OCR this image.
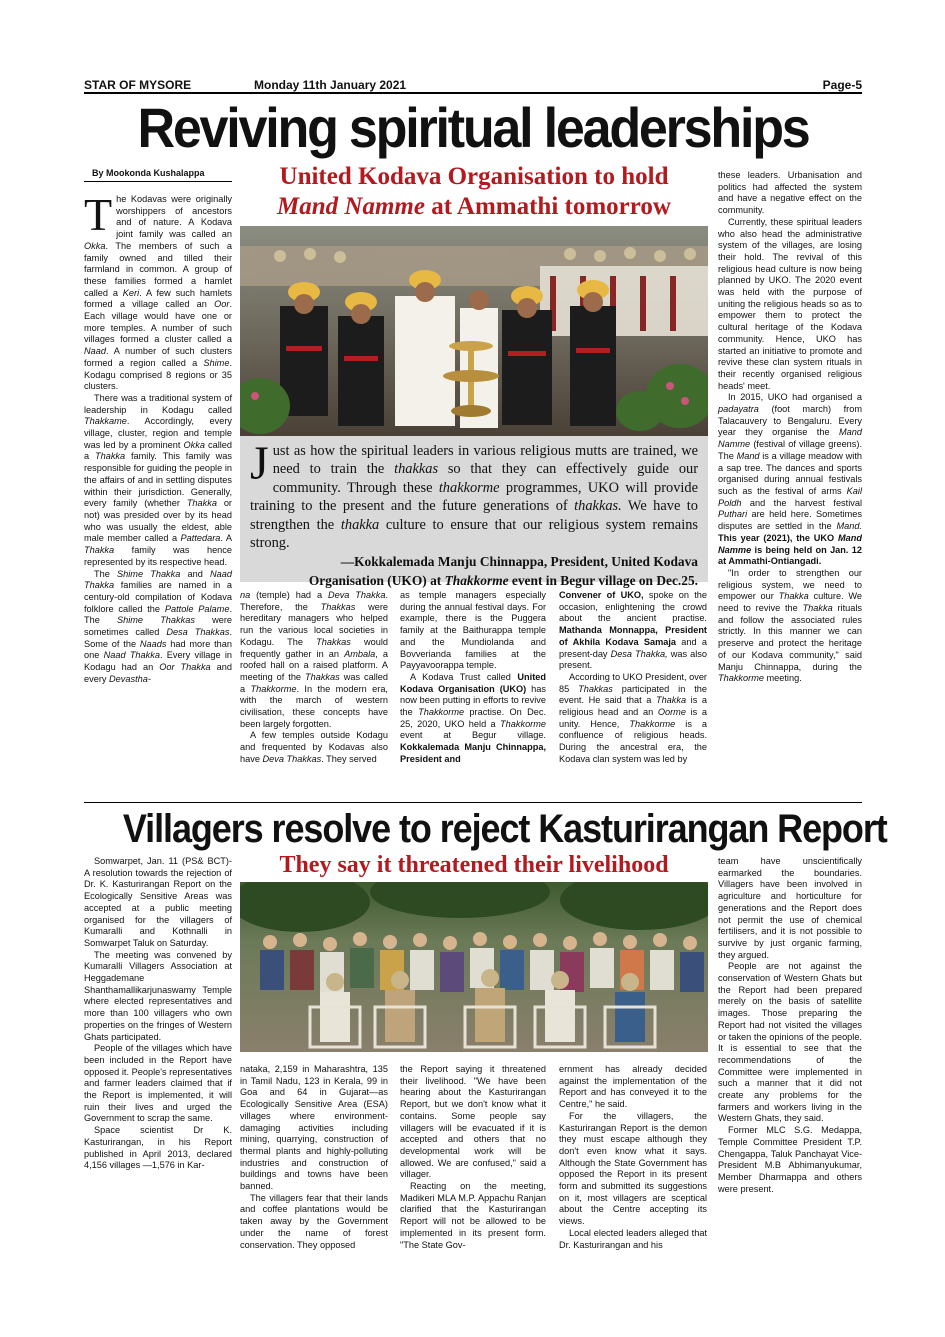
STAR OF MYSORE	Monday 11th January 2021	Page-5
Reviving spiritual leaderships
By Mookonda Kushalappa

The Kodavas were originally worshippers of ancestors and of nature. A Kodava joint family was called an Okka. The members of such a family owned and tilled their farmland in common. A group of these families formed a hamlet called a Keri. A few such hamlets formed a village called an Oor. Each village would have one or more temples. A number of such villages formed a cluster called a Naad. A number of such clusters formed a region called a Shime. Kodagu comprised 8 regions or 35 clusters.

There was a traditional system of leadership in Kodagu called Thakkame. Accordingly, every village, cluster, region and temple was led by a prominent Okka called a Thakka family. This family was responsible for guiding the people in the affairs of and in settling disputes within their jurisdiction. Generally, every family (whether Thakka or not) was presided over by its head who was usually the eldest, able male member called a Pattedara. A Thakka family was hence represented by its respective head.

The Shime Thakka and Naad Thakka families are named in a century-old compilation of Kodava folklore called the Pattole Palame. The Shime Thakkas were sometimes called Desa Thakkas. Some of the Naads had more than one Naad Thakka. Every village in Kodagu had an Oor Thakka and every Devastha-

United Kodava Organisation to hold
Mand Namme at Ammathi tomorrow
J ust as how the spiritual leaders in various religious mutts are trained, we need to train the thakkas so that they can effectively guide our community. Through these thakkorme programmes, UKO will provide training to the present and the future generations of thakkas. We have to strengthen the thakka culture to ensure that our religious system remains strong.
—Kokkalemada Manju Chinnappa, President, United Kodava
Organisation (UKO) at Thakkorme event in Begur village on Dec.25.

na (temple) had a Deva Thakka. Therefore, the Thakkas were hereditary managers who helped run the various local societies in Kodagu. The Thakkas would frequently gather in an Ambala, a roofed hall on a raised platform. A meeting of the Thakkas was called a Thakkorme. In the modern era, with the march of western civilisation, these concepts have been largely forgotten.

A few temples outside Kodagu and frequented by Kodavas also have Deva Thakkas. They served

as temple managers especially during the annual festival days. For example, there is the Puggera family at the Baithurappa temple and the Mundiolanda and Bovverianda families at the Payyavoorappa temple.

A Kodava Trust called United Kodava Organisation (UKO) has now been putting in efforts to revive the Thakkorme practise. On Dec. 25, 2020, UKO held a Thakkorme event at Begur village. Kokkalemada Manju Chinnappa, President and

Convener of UKO, spoke on the occasion, enlightening the crowd about the ancient practise. Mathanda Monnappa, President of Akhila Kodava Samaja and a present-day Desa Thakka, was also present.

According to UKO President, over 85 Thakkas participated in the event. He said that a Thakka is a religious head and an Oorme is a unity. Hence, Thakkorme is a confluence of religious heads. During the ancestral era, the Kodava clan system was led by

these leaders. Urbanisation and politics had affected the system and have a negative effect on the community.

Currently, these spiritual leaders who also head the administrative system of the villages, are losing their hold. The revival of this religious head culture is now being planned by UKO. The 2020 event was held with the purpose of uniting the religious heads so as to empower them to protect the cultural heritage of the Kodava community. Hence, UKO has started an initiative to promote and revive these clan system rituals in their recently organised religious heads' meet.

In 2015, UKO had organised a padayatra (foot march) from Talacauvery to Bengaluru. Every year they organise the Mand Namme (festival of village greens). The Mand is a village meadow with a sap tree. The dances and sports organised during annual festivals such as the festival of arms Kail Poldh and the harvest festival Puthari are held here. Sometimes disputes are settled in the Mand. This year (2021), the UKO Mand Namme is being held on Jan. 12 at Ammathi-Ontiangadi.

"In order to strengthen our religious system, we need to empower our Thakka culture. We need to revive the Thakka rituals and follow the associated rules strictly. In this manner we can preserve and protect the heritage of our Kodava community," said Manju Chinnappa, during the Thakkorme meeting.

Villagers resolve to reject Kasturirangan Report
They say it threatened their livelihood

Somwarpet, Jan. 11 (PS& BCT)-A resolution towards the rejection of Dr. K. Kasturirangan Report on the Ecologically Sensitive Areas was accepted at a public meeting organised for the villagers of Kumaralli and Kothnalli in Somwarpet Taluk on Saturday.

The meeting was convened by Kumaralli Villagers Association at Heggademane Shanthamallikarjunaswamy Temple where elected representatives and more than 100 villagers who own properties on the fringes of Western Ghats participated.

People of the villages which have been included in the Report have opposed it. People's representatives and farmer leaders claimed that if the Report is implemented, it will ruin their lives and urged the Government to scrap the same.

Space scientist Dr K. Kasturirangan, in his Report published in April 2013, declared 4,156 villages —1,576 in Kar-

nataka, 2,159 in Maharashtra, 135 in Tamil Nadu, 123 in Kerala, 99 in Goa and 64 in Gujarat—as Ecologically Sensitive Area (ESA) villages where environment-damaging activities including mining, quarrying, construction of thermal plants and highly-polluting industries and construction of buildings and towns have been banned.

The villagers fear that their lands and coffee plantations would be taken away by the Government under the name of forest conservation. They opposed

the Report saying it threatened their livelihood. "We have been hearing about the Kasturirangan Report, but we don't know what it contains. Some people say villagers will be evacuated if it is accepted and others that no developmental work will be allowed. We are confused," said a villager.

Reacting on the meeting, Madikeri MLA M.P. Appachu Ranjan clarified that the Kasturirangan Report will not be allowed to be implemented in its present form. "The State Gov-

ernment has already decided against the implementation of the Report and has conveyed it to the Centre," he said.

For the villagers, the Kasturirangan Report is the demon they must escape although they don't even know what it says. Although the State Government has opposed the Report in its present form and submitted its suggestions on it, most villagers are sceptical about the Centre accepting its views.

Local elected leaders alleged that Dr. Kasturirangan and his

team have unscientifically earmarked the boundaries. Villagers have been involved in agriculture and horticulture for generations and the Report does not permit the use of chemical fertilisers, and it is not possible to survive by just organic farming, they argued.

People are not against the conservation of Western Ghats but the Report had been prepared merely on the basis of satellite images. Those preparing the Report had not visited the villages or taken the opinions of the people. It is essential to see that the recommendations of the Committee were implemented in such a manner that it did not create any problems for the farmers and workers living in the Western Ghats, they said.

Former MLC S.G. Medappa, Temple Committee President T.P. Chengappa, Taluk Panchayat Vice-President M.B Abhimanyukumar, Member Dharmappa and others were present.
